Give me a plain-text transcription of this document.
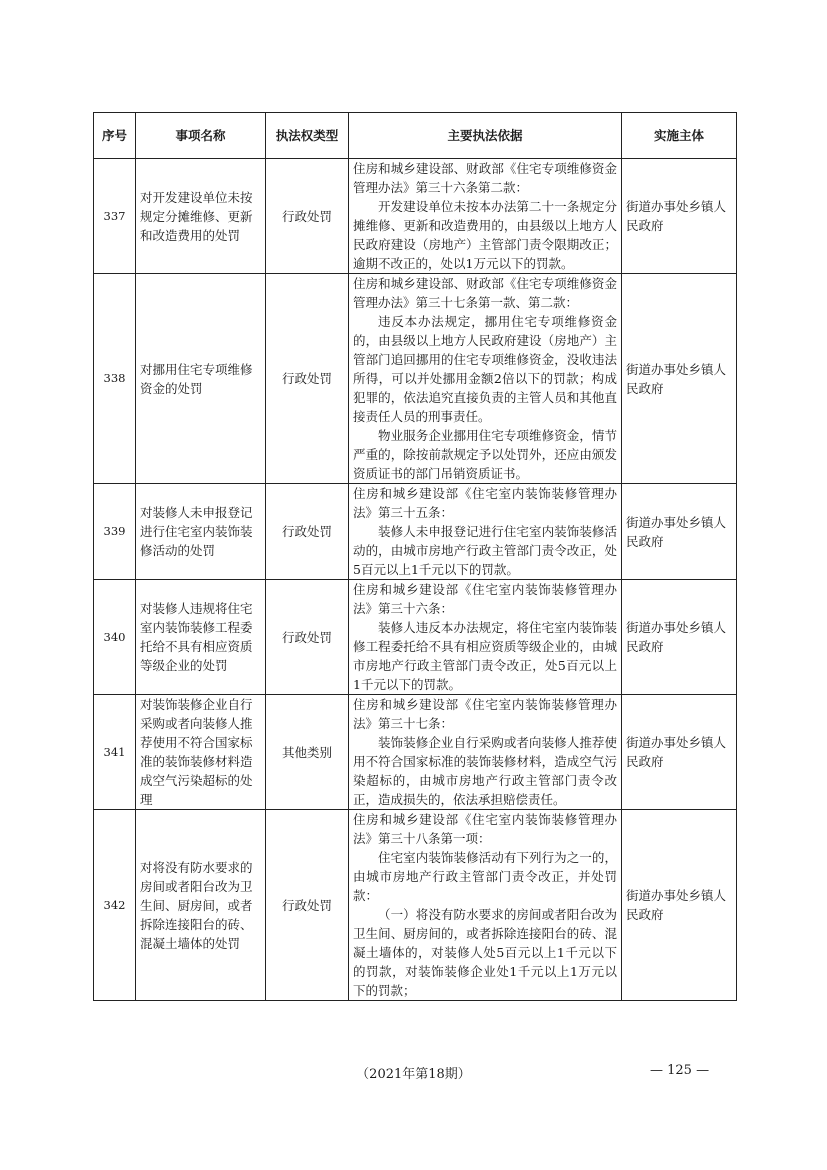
序号	事项名称	执法权类型	主要执法依据	实施主体
337	对开发建设单位未按规定分摊维修、更新和改造费用的处罚	行政处罚	住房和城乡建设部、财政部《住宅专项维修资金管理办法》第三十六条第二款：

开发建设单位未按本办法第二十一条规定分摊维修、更新和改造费用的，由县级以上地方人民政府建设（房地产）主管部门责令限期改正；逾期不改正的，处以1万元以下的罚款。	街道办事处乡镇人民政府
338	对挪用住宅专项维修资金的处罚	行政处罚	住房和城乡建设部、财政部《住宅专项维修资金管理办法》第三十七条第一款、第二款：

违反本办法规定，挪用住宅专项维修资金的，由县级以上地方人民政府建设（房地产）主管部门追回挪用的住宅专项维修资金，没收违法所得，可以并处挪用金额2倍以下的罚款；构成犯罪的，依法追究直接负责的主管人员和其他直接责任人员的刑事责任。

物业服务企业挪用住宅专项维修资金，情节严重的，除按前款规定予以处罚外，还应由颁发资质证书的部门吊销资质证书。	街道办事处乡镇人民政府
339	对装修人未申报登记进行住宅室内装饰装修活动的处罚	行政处罚	住房和城乡建设部《住宅室内装饰装修管理办法》第三十五条：

装修人未申报登记进行住宅室内装饰装修活动的，由城市房地产行政主管部门责令改正，处5百元以上1千元以下的罚款。	街道办事处乡镇人民政府
340	对装修人违规将住宅室内装饰装修工程委托给不具有相应资质等级企业的处罚	行政处罚	住房和城乡建设部《住宅室内装饰装修管理办法》第三十六条：

装修人违反本办法规定，将住宅室内装饰装修工程委托给不具有相应资质等级企业的，由城市房地产行政主管部门责令改正，处5百元以上1千元以下的罚款。	街道办事处乡镇人民政府
341	对装饰装修企业自行采购或者向装修人推荐使用不符合国家标准的装饰装修材料造成空气污染超标的处理	其他类别	住房和城乡建设部《住宅室内装饰装修管理办法》第三十七条：

装饰装修企业自行采购或者向装修人推荐使用不符合国家标准的装饰装修材料，造成空气污染超标的，由城市房地产行政主管部门责令改正，造成损失的，依法承担赔偿责任。	街道办事处乡镇人民政府
342	对将没有防水要求的房间或者阳台改为卫生间、厨房间，或者拆除连接阳台的砖、混凝土墙体的处罚	行政处罚	住房和城乡建设部《住宅室内装饰装修管理办法》第三十八条第一项：

住宅室内装饰装修活动有下列行为之一的，由城市房地产行政主管部门责令改正，并处罚款：

（一）将没有防水要求的房间或者阳台改为卫生间、厨房间的，或者拆除连接阳台的砖、混凝土墙体的，对装修人处5百元以上1千元以下的罚款，对装饰装修企业处1千元以上1万元以下的罚款；	街道办事处乡镇人民政府
（2021年第18期）	— 125 —
